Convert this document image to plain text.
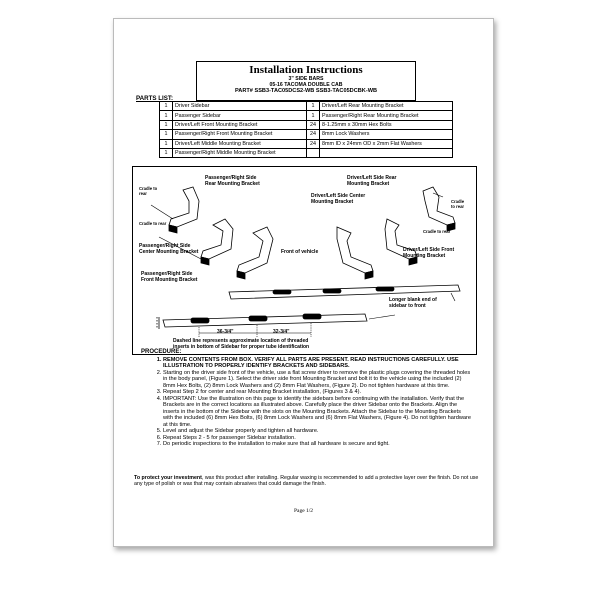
Installation Instructions
3" SIDE BARS
05-16 TACOMA DOUBLE CAB
PART# SSB3-TAC05DCS2-WB SSB3-TAC05DCBK-WB
PARTS LIST:
1	Driver Sidebar	1	Driver/Left Rear Mounting Bracket
1	Passenger Sidebar	1	Passenger/Right Rear Mounting Bracket
1	Driver/Left Front Mounting Bracket	24	8-1.25mm x 30mm Hex Bolts
1	Passenger/Right Front Mounting Bracket	24	8mm Lock Washers
1	Driver/Left Middle Mounting Bracket	24	8mm ID x 24mm OD x 2mm Flat Washers
1	Passenger/Right Middle Mounting Bracket		
Passenger/Right Side
Rear Mounting Bracket
Cradle to
rear
Cradle to rear
Passenger/Right Side
Center Mounting Bracket
Passenger/Right Side
Front Mounting Bracket
Front of vehicle
Driver/Left Side Rear
Mounting Bracket
Driver/Left Side Center
Mounting Bracket	Cradle
to rear
Cradle to rear
Driver/Left Side Front
Mounting Bracket
Longer blank end of
sidebar to front
36-3/4"	32-3/4"
Dashed line represents approximate location of threaded
inserts in bottom of Sidebar for proper tube identification
PROCEDURE:
1. REMOVE CONTENTS FROM BOX. VERIFY ALL PARTS ARE PRESENT. READ INSTRUCTIONS CAREFULLY. USE ILLUSTRATION TO PROPERLY IDENTIFY BRACKETS AND SIDEBARS.
2. Starting on the driver side front of the vehicle, use a flat screw driver to remove the plastic plugs covering the threaded holes in the body panel, (Figure 1). Select the driver side front Mounting Bracket and bolt it to the vehicle using the included (2) 8mm Hex Bolts, (2) 8mm Lock Washers and (2) 8mm Flat Washers, (Figure 2). Do not tighten hardware at this time.
3. Repeat Step 2 for center and rear Mounting Bracket installation, (Figures 3 & 4).
4. IMPORTANT: Use the illustration on this page to identify the sidebars before continuing with the installation. Verify that the Brackets are in the correct locations as illustrated above. Carefully place the driver Sidebar onto the Brackets. Align the inserts in the bottom of the Sidebar with the slots on the Mounting Brackets. Attach the Sidebar to the Mounting Brackets with the included (6) 8mm Hex Bolts, (6) 8mm Lock Washers and (6) 8mm Flat Washers, (Figure 4). Do not tighten hardware at this time.
5. Level and adjust the Sidebar properly and tighten all hardware.
6. Repeat Steps 2 - 5 for passenger Sidebar installation.
7. Do periodic inspections to the installation to make sure that all hardware is secure and tight.
To protect your investment, wax this product after installing. Regular waxing is recommended to add a protective layer over the finish. Do not use any type of polish or wax that may contain abrasives that could damage the finish.
Page 1/2
